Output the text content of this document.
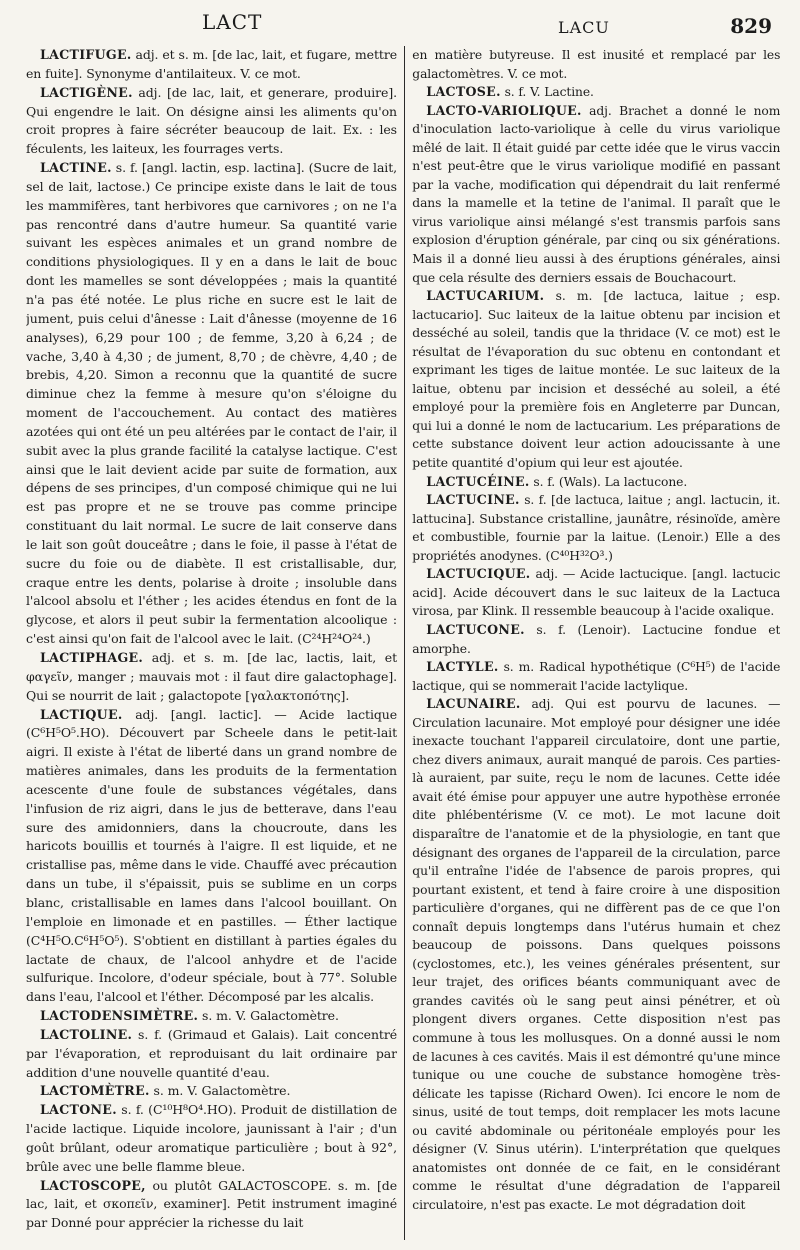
LACT	LACU	829

LACTIFUGE. adj. et s. m. [de lac, lait, et fugare, mettre en fuite]. Synonyme d'antilaiteux. V. ce mot.

LACTIGÈNE. adj. [de lac, lait, et generare, produire]. Qui engendre le lait. On désigne ainsi les aliments qu'on croit propres à faire sécréter beaucoup de lait. Ex. : les féculents, les laiteux, les fourrages verts.

LACTINE. s. f. [angl. lactin, esp. lactina]. (Sucre de lait, sel de lait, lactose.) Ce principe existe dans le lait de tous les mammifères, tant herbivores que carnivores ; on ne l'a pas rencontré dans d'autre humeur. Sa quantité varie suivant les espèces animales et un grand nombre de conditions physiologiques. Il y en a dans le lait de bouc dont les mamelles se sont développées ; mais la quantité n'a pas été notée. Le plus riche en sucre est le lait de jument, puis celui d'ânesse : Lait d'ânesse (moyenne de 16 analyses), 6,29 pour 100 ; de femme, 3,20 à 6,24 ; de vache, 3,40 à 4,30 ; de jument, 8,70 ; de chèvre, 4,40 ; de brebis, 4,20. Simon a reconnu que la quantité de sucre diminue chez la femme à mesure qu'on s'éloigne du moment de l'accouchement. Au contact des matières azotées qui ont été un peu altérées par le contact de l'air, il subit avec la plus grande facilité la catalyse lactique. C'est ainsi que le lait devient acide par suite de formation, aux dépens de ses principes, d'un composé chimique qui ne lui est pas propre et ne se trouve pas comme principe constituant du lait normal. Le sucre de lait conserve dans le lait son goût douceâtre ; dans le foie, il passe à l'état de sucre du foie ou de diabète. Il est cristallisable, dur, craque entre les dents, polarise à droite ; insoluble dans l'alcool absolu et l'éther ; les acides étendus en font de la glycose, et alors il peut subir la fermentation alcoolique : c'est ainsi qu'on fait de l'alcool avec le lait. (C²⁴H²⁴O²⁴.)

LACTIPHAGE. adj. et s. m. [de lac, lactis, lait, et φαγεῖν, manger ; mauvais mot : il faut dire galactophage]. Qui se nourrit de lait ; galactopote [γαλακτοπότης].

LACTIQUE. adj. [angl. lactic]. — Acide lactique (C⁶H⁵O⁵.HO). Découvert par Scheele dans le petit-lait aigri. Il existe à l'état de liberté dans un grand nombre de matières animales, dans les produits de la fermentation acescente d'une foule de substances végétales, dans l'infusion de riz aigri, dans le jus de betterave, dans l'eau sure des amidonniers, dans la choucroute, dans les haricots bouillis et tournés à l'aigre. Il est liquide, et ne cristallise pas, même dans le vide. Chauffé avec précaution dans un tube, il s'épaissit, puis se sublime en un corps blanc, cristallisable en lames dans l'alcool bouillant. On l'emploie en limonade et en pastilles. — Éther lactique (C⁴H⁵O.C⁶H⁵O⁵). S'obtient en distillant à parties égales du lactate de chaux, de l'alcool anhydre et de l'acide sulfurique. Incolore, d'odeur spéciale, bout à 77°. Soluble dans l'eau, l'alcool et l'éther. Décomposé par les alcalis.

LACTODENSIMÈTRE. s. m. V. Galactomètre.

LACTOLINE. s. f. (Grimaud et Galais). Lait concentré par l'évaporation, et reproduisant du lait ordinaire par addition d'une nouvelle quantité d'eau.

LACTOMÈTRE. s. m. V. Galactomètre.

LACTONE. s. f. (C¹⁰H⁸O⁴.HO). Produit de distillation de l'acide lactique. Liquide incolore, jaunissant à l'air ; d'un goût brûlant, odeur aromatique particulière ; bout à 92°, brûle avec une belle flamme bleue.

LACTOSCOPE, ou plutôt GALACTOSCOPE. s. m. [de lac, lait, et σκοπεῖν, examiner]. Petit instrument imaginé par Donné pour apprécier la richesse du lait

en matière butyreuse. Il est inusité et remplacé par les galactomètres. V. ce mot.

LACTOSE. s. f. V. Lactine.

LACTO-VARIOLIQUE. adj. Brachet a donné le nom d'inoculation lacto-variolique à celle du virus variolique mêlé de lait. Il était guidé par cette idée que le virus vaccin n'est peut-être que le virus variolique modifié en passant par la vache, modification qui dépendrait du lait renfermé dans la mamelle et la tetine de l'animal. Il paraît que le virus variolique ainsi mélangé s'est transmis parfois sans explosion d'éruption générale, par cinq ou six générations. Mais il a donné lieu aussi à des éruptions générales, ainsi que cela résulte des derniers essais de Bouchacourt.

LACTUCARIUM. s. m. [de lactuca, laitue ; esp. lactucario]. Suc laiteux de la laitue obtenu par incision et desséché au soleil, tandis que la thridace (V. ce mot) est le résultat de l'évaporation du suc obtenu en contondant et exprimant les tiges de laitue montée. Le suc laiteux de la laitue, obtenu par incision et desséché au soleil, a été employé pour la première fois en Angleterre par Duncan, qui lui a donné le nom de lactucarium. Les préparations de cette substance doivent leur action adoucissante à une petite quantité d'opium qui leur est ajoutée.

LACTUCÉINE. s. f. (Wals). La lactucone.

LACTUCINE. s. f. [de lactuca, laitue ; angl. lactucin, it. lattucina]. Substance cristalline, jaunâtre, résinoïde, amère et combustible, fournie par la laitue. (Lenoir.) Elle a des propriétés anodynes. (C⁴⁰H³²O³.)

LACTUCIQUE. adj. — Acide lactucique. [angl. lactucic acid]. Acide découvert dans le suc laiteux de la Lactuca virosa, par Klink. Il ressemble beaucoup à l'acide oxalique.

LACTUCONE. s. f. (Lenoir). Lactucine fondue et amorphe.

LACTYLE. s. m. Radical hypothétique (C⁶H⁵) de l'acide lactique, qui se nommerait l'acide lactylique.

LACUNAIRE. adj. Qui est pourvu de lacunes. — Circulation lacunaire. Mot employé pour désigner une idée inexacte touchant l'appareil circulatoire, dont une partie, chez divers animaux, aurait manqué de parois. Ces parties-là auraient, par suite, reçu le nom de lacunes. Cette idée avait été émise pour appuyer une autre hypothèse erronée dite phlébentérisme (V. ce mot). Le mot lacune doit disparaître de l'anatomie et de la physiologie, en tant que désignant des organes de l'appareil de la circulation, parce qu'il entraîne l'idée de l'absence de parois propres, qui pourtant existent, et tend à faire croire à une disposition particulière d'organes, qui ne diffèrent pas de ce que l'on connaît depuis longtemps dans l'utérus humain et chez beaucoup de poissons. Dans quelques poissons (cyclostomes, etc.), les veines générales présentent, sur leur trajet, des orifices béants communiquant avec de grandes cavités où le sang peut ainsi pénétrer, et où plongent divers organes. Cette disposition n'est pas commune à tous les mollusques. On a donné aussi le nom de lacunes à ces cavités. Mais il est démontré qu'une mince tunique ou une couche de substance homogène très-délicate les tapisse (Richard Owen). Ici encore le nom de sinus, usité de tout temps, doit remplacer les mots lacune ou cavité abdominale ou péritonéale employés pour les désigner (V. Sinus utérin). L'interprétation que quelques anatomistes ont donnée de ce fait, en le considérant comme le résultat d'une dégradation de l'appareil circulatoire, n'est pas exacte. Le mot dégradation doit
